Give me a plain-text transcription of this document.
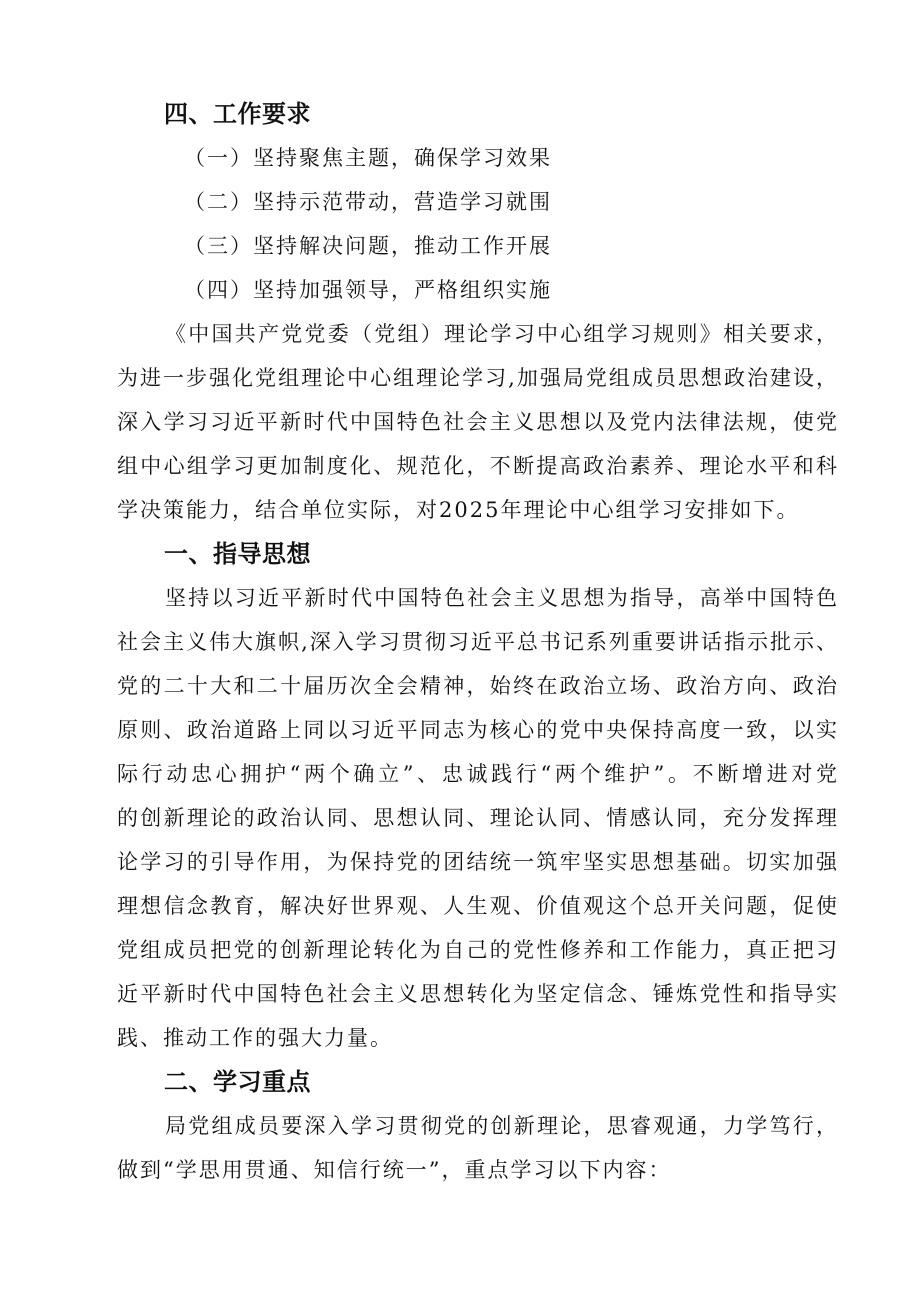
四、工作要求
（一）坚持聚焦主题，确保学习效果
（二）坚持示范带动，营造学习就围
（三）坚持解决问题，推动工作开展
（四）坚持加强领导，严格组织实施
《中国共产党党委（党组）理论学习中心组学习规则》相关要求，
为进一步强化党组理论中心组理论学习,加强局党组成员思想政治建设，
深入学习习近平新时代中国特色社会主义思想以及党内法律法规，使党
组中心组学习更加制度化、规范化，不断提高政治素养、理论水平和科
学决策能力，结合单位实际，对2025年理论中心组学习安排如下。
一、指导思想
坚持以习近平新时代中国特色社会主义思想为指导，高举中国特色
社会主义伟大旗帜,深入学习贯彻习近平总书记系列重要讲话指示批示、
党的二十大和二十届历次全会精神，始终在政治立场、政治方向、政治
原则、政治道路上同以习近平同志为核心的党中央保持高度一致，以实
际行动忠心拥护“两个确立”、忠诚践行“两个维护”。不断增进对党
的创新理论的政治认同、思想认同、理论认同、情感认同，充分发挥理
论学习的引导作用，为保持党的团结统一筑牢坚实思想基础。切实加强
理想信念教育，解决好世界观、人生观、价值观这个总开关问题，促使
党组成员把党的创新理论转化为自己的党性修养和工作能力，真正把习
近平新时代中国特色社会主义思想转化为坚定信念、锤炼党性和指导实
践、推动工作的强大力量。
二、学习重点
局党组成员要深入学习贯彻党的创新理论，思睿观通，力学笃行，
做到“学思用贯通、知信行统一”，重点学习以下内容：
